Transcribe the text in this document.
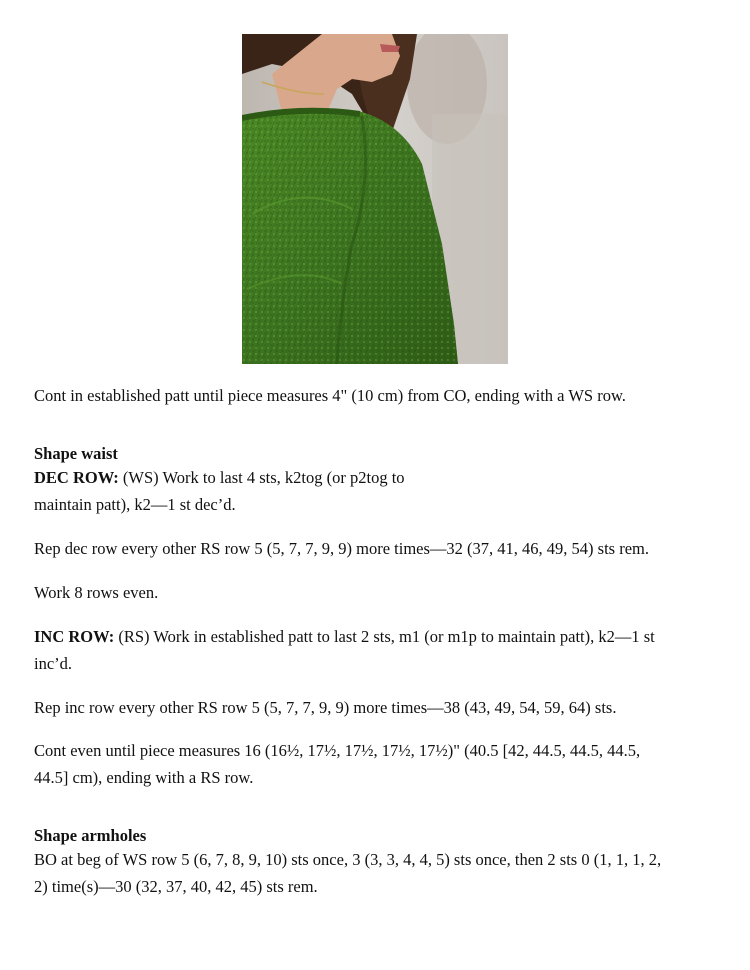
Cont in established patt until piece measures 4" (10 cm) from CO, ending with a WS row.

Shape waist

DEC ROW: (WS) Work to last 4 sts, k2tog (or p2tog to

maintain patt), k2—1 st dec’d.

Rep dec row every other RS row 5 (5, 7, 7, 9, 9) more times—32 (37, 41, 46, 49, 54) sts rem.

Work 8 rows even.

INC ROW: (RS) Work in established patt to last 2 sts, m1 (or m1p to maintain patt), k2—1 st

inc’d.

Rep inc row every other RS row 5 (5, 7, 7, 9, 9) more times—38 (43, 49, 54, 59, 64) sts.

Cont even until piece measures 16 (16½, 17½, 17½, 17½, 17½)" (40.5 [42, 44.5, 44.5, 44.5,

44.5] cm), ending with a RS row.

Shape armholes

BO at beg of WS row 5 (6, 7, 8, 9, 10) sts once, 3 (3, 3, 4, 4, 5) sts once, then 2 sts 0 (1, 1, 1, 2,

2) time(s)—30 (32, 37, 40, 42, 45) sts rem.
